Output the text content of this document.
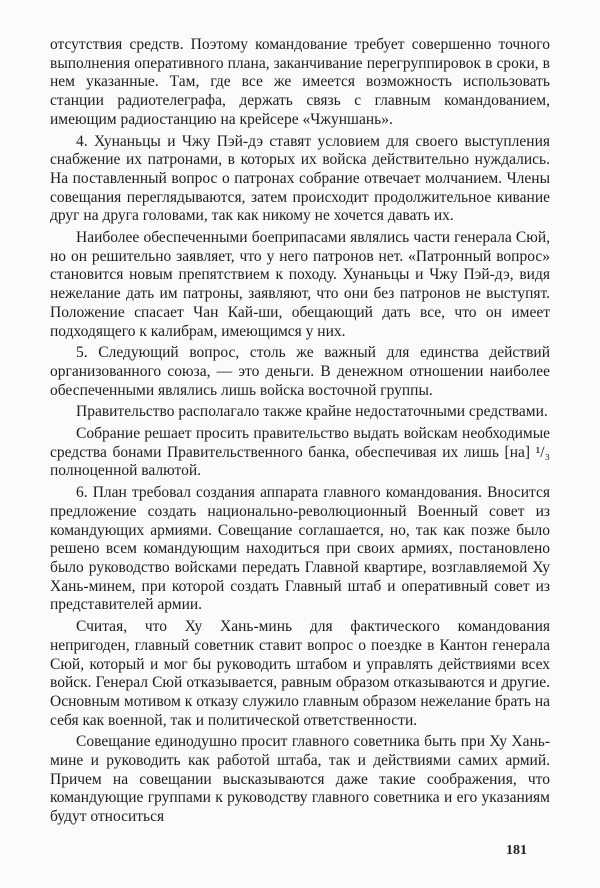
отсутствия средств. Поэтому командование требует совершенно точного выполнения оперативного плана, заканчивание перегруппировок в сроки, в нем указанные. Там, где все же имеется возможность использовать станции радиотелеграфа, держать связь с главным командованием, имеющим радиостанцию на крейсере «Чжуншань».

4. Хунаньцы и Чжу Пэй-дэ ставят условием для своего выступления снабжение их патронами, в которых их войска действительно нуждались. На поставленный вопрос о патронах собрание отвечает молчанием. Члены совещания переглядываются, затем происходит продолжительное кивание друг на друга головами, так как никому не хочется давать их.

Наиболее обеспеченными боеприпасами являлись части генерала Сюй, но он решительно заявляет, что у него патронов нет. «Патронный вопрос» становится новым препятствием к походу. Хунаньцы и Чжу Пэй-дэ, видя нежелание дать им патроны, заявляют, что они без патронов не выступят. Положение спасает Чан Кай-ши, обещающий дать все, что он имеет подходящего к калибрам, имеющимся у них.

5. Следующий вопрос, столь же важный для единства действий организованного союза, — это деньги. В денежном отношении наиболее обеспеченными являлись лишь войска восточной группы.

Правительство располагало также крайне недостаточными средствами.

Собрание решает просить правительство выдать войскам необходимые средства бонами Правительственного банка, обеспечивая их лишь [на] ¹/₃ полноценной валютой.

6. План требовал создания аппарата главного командования. Вносится предложение создать национально-революционный Военный совет из командующих армиями. Совещание соглашается, но, так как позже было решено всем командующим находиться при своих армиях, постановлено было руководство войсками передать Главной квартире, возглавляемой Ху Хань-минем, при которой создать Главный штаб и оперативный совет из представителей армии.

Считая, что Ху Хань-минь для фактического командования непригоден, главный советник ставит вопрос о поездке в Кантон генерала Сюй, который и мог бы руководить штабом и управлять действиями всех войск. Генерал Сюй отказывается, равным образом отказываются и другие. Основным мотивом к отказу служило главным образом нежелание брать на себя как военной, так и политической ответственности.

Совещание единодушно просит главного советника быть при Ху Хань-мине и руководить как работой штаба, так и действиями самих армий. Причем на совещании высказываются даже такие соображения, что командующие группами к руководству главного советника и его указаниям будут относиться

181
